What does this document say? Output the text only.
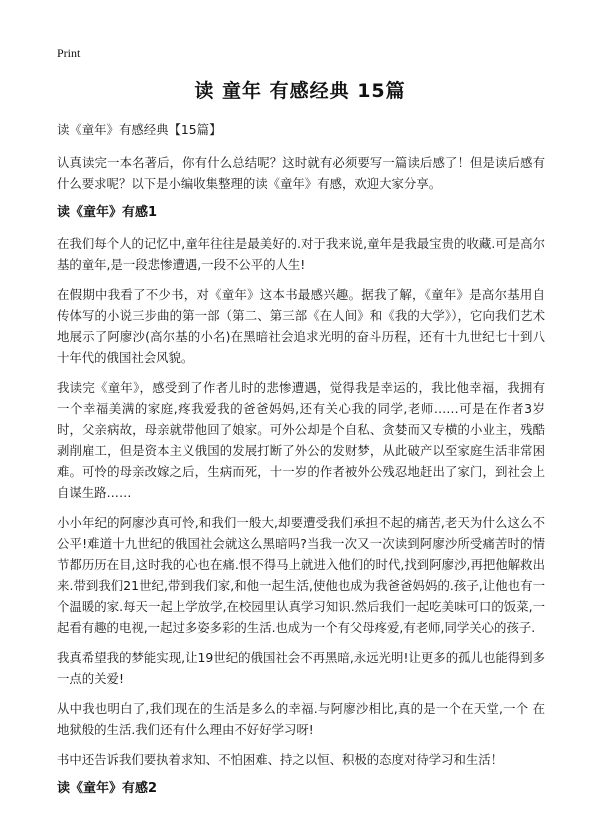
Print
读 童年 有感经典 15篇

读《童年》有感经典【15篇】

认真读完一本名著后，你有什么总结呢？这时就有必须要写一篇读后感了！但是读后感有什么要求呢？以下是小编收集整理的读《童年》有感，欢迎大家分享。

读《童年》有感1

在我们每个人的记忆中,童年往往是最美好的.对于我来说,童年是我最宝贵的收藏.可是高尔基的童年,是一段悲惨遭遇,一段不公平的人生!

在假期中我看了不少书，对《童年》这本书最感兴趣。据我了解，《童年》是高尔基用自传体写的小说三步曲的第一部（第二、第三部《在人间》和《我的大学》），它向我们艺术地展示了阿廖沙(高尔基的小名)在黑暗社会追求光明的奋斗历程，还有十九世纪七十到八十年代的俄国社会风貌。

我读完《童年》，感受到了作者儿时的悲惨遭遇，觉得我是幸运的，我比他幸福，我拥有一个幸福美满的家庭,疼我爱我的爸爸妈妈,还有关心我的同学,老师……可是在作者3岁时，父亲病故，母亲就带他回了娘家。可外公却是个自私、贪婪而又专横的小业主，残酷剥削雇工，但是资本主义俄国的发展打断了外公的发财梦，从此破产以至家庭生活非常困难。可怜的母亲改嫁之后，生病而死，十一岁的作者被外公残忍地赶出了家门，到社会上自谋生路……

小小年纪的阿廖沙真可怜,和我们一般大,却要遭受我们承担不起的痛苦,老天为什么这么不公平!难道十九世纪的俄国社会就这么黑暗吗?当我一次又一次读到阿廖沙所受痛苦时的情节都历历在目,这时我的心也在痛.恨不得马上就进入他们的时代,找到阿廖沙,再把他解救出来.带到我们21世纪,带到我们家,和他一起生活,使他也成为我爸爸妈妈的.孩子,让他也有一个温暖的家.每天一起上学放学,在校园里认真学习知识.然后我们一起吃美味可口的饭菜,一起看有趣的电视,一起过多姿多彩的生活.也成为一个有父母疼爱,有老师,同学关心的孩子.

我真希望我的梦能实现,让19世纪的俄国社会不再黑暗,永远光明!让更多的孤儿也能得到多一点的关爱!

从中我也明白了,我们现在的生活是多么的幸福.与阿廖沙相比,真的是一个在天堂,一个 在地狱般的生活.我们还有什么理由不好好学习呀!

书中还告诉我们要执着求知、不怕困难、持之以恒、积极的态度对待学习和生活！

读《童年》有感2
